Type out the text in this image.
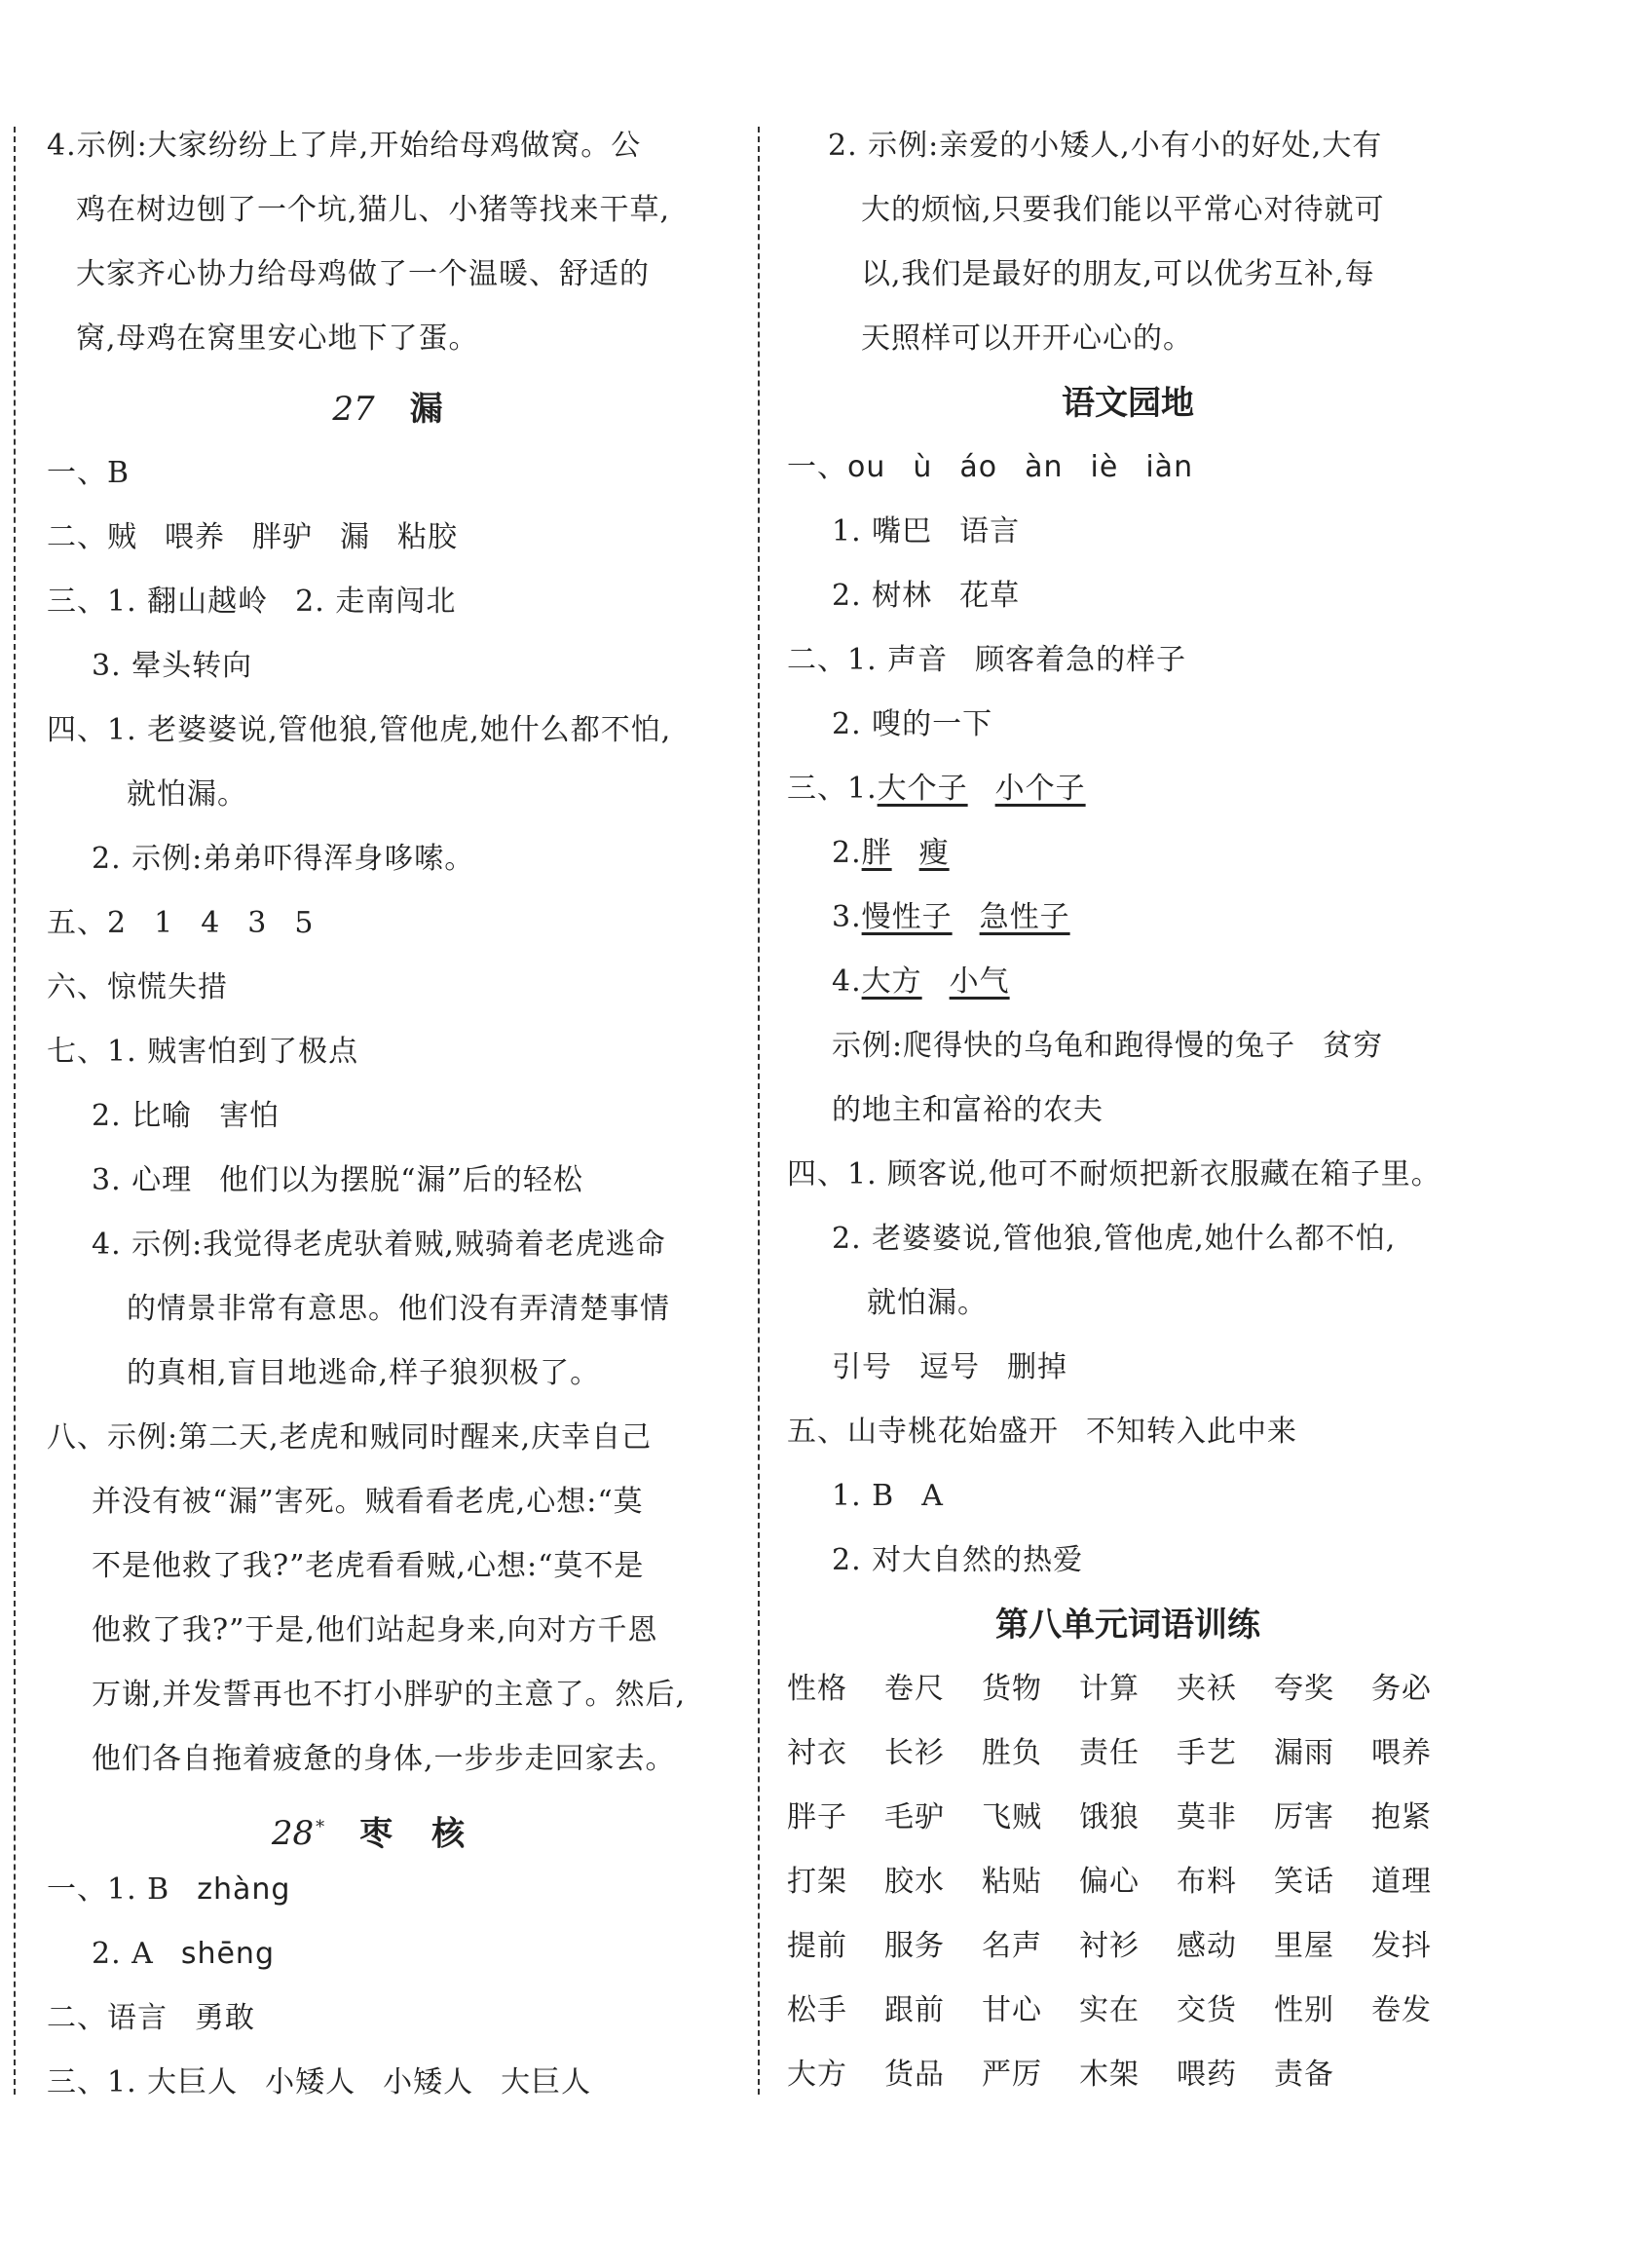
4.示例:大家纷纷上了岸,开始给母鸡做窝。公
鸡在树边刨了一个坑,猫儿、小猪等找来干草,
大家齐心协力给母鸡做了一个温暖、舒适的
窝,母鸡在窝里安心地下了蛋。
27 漏
一、B
二、贼 喂养 胖驴 漏 粘胶
三、1. 翻山越岭 2. 走南闯北
3. 晕头转向
四、1. 老婆婆说,管他狼,管他虎,她什么都不怕,
就怕漏。
2. 示例:弟弟吓得浑身哆嗦。
五、2 1 4 3 5
六、惊慌失措
七、1. 贼害怕到了极点
2. 比喻 害怕
3. 心理 他们以为摆脱“漏”后的轻松
4. 示例:我觉得老虎驮着贼,贼骑着老虎逃命
的情景非常有意思。他们没有弄清楚事情
的真相,盲目地逃命,样子狼狈极了。
八、示例:第二天,老虎和贼同时醒来,庆幸自己
并没有被“漏”害死。贼看看老虎,心想:“莫
不是他救了我?”老虎看看贼,心想:“莫不是
他救了我?”于是,他们站起身来,向对方千恩
万谢,并发誓再也不打小胖驴的主意了。然后,
他们各自拖着疲惫的身体,一步步走回家去。
28 * 枣核
一、1. B zhàng
2. A shēng
二、语言 勇敢
三、1. 大巨人 小矮人 小矮人 大巨人
2. 示例:亲爱的小矮人,小有小的好处,大有
大的烦恼,只要我们能以平常心对待就可
以,我们是最好的朋友,可以优劣互补,每
天照样可以开开心心的。
语文园地
一、ou ù áo àn iè iàn
1. 嘴巴 语言
2. 树林 花草
二、1. 声音 顾客着急的样子
2. 嗖的一下
三、1.大个子 小个子
2.胖 瘦
3.慢性子 急性子
4.大方 小气
示例:爬得快的乌龟和跑得慢的兔子 贫穷
的地主和富裕的农夫
四、1. 顾客说,他可不耐烦把新衣服藏在箱子里。
2. 老婆婆说,管他狼,管他虎,她什么都不怕,
就怕漏。
引号 逗号 删掉
五、山寺桃花始盛开 不知转入此中来
1. B A
2. 对大自然的热爱
第八单元词语训练
性格	卷尺	货物	计算	夹袄	夸奖	务必
衬衣	长衫	胜负	责任	手艺	漏雨	喂养
胖子	毛驴	飞贼	饿狼	莫非	厉害	抱紧
打架	胶水	粘贴	偏心	布料	笑话	道理
提前	服务	名声	衬衫	感动	里屋	发抖
松手	跟前	甘心	实在	交货	性别	卷发
大方	货品	严厉	木架	喂药	责备
